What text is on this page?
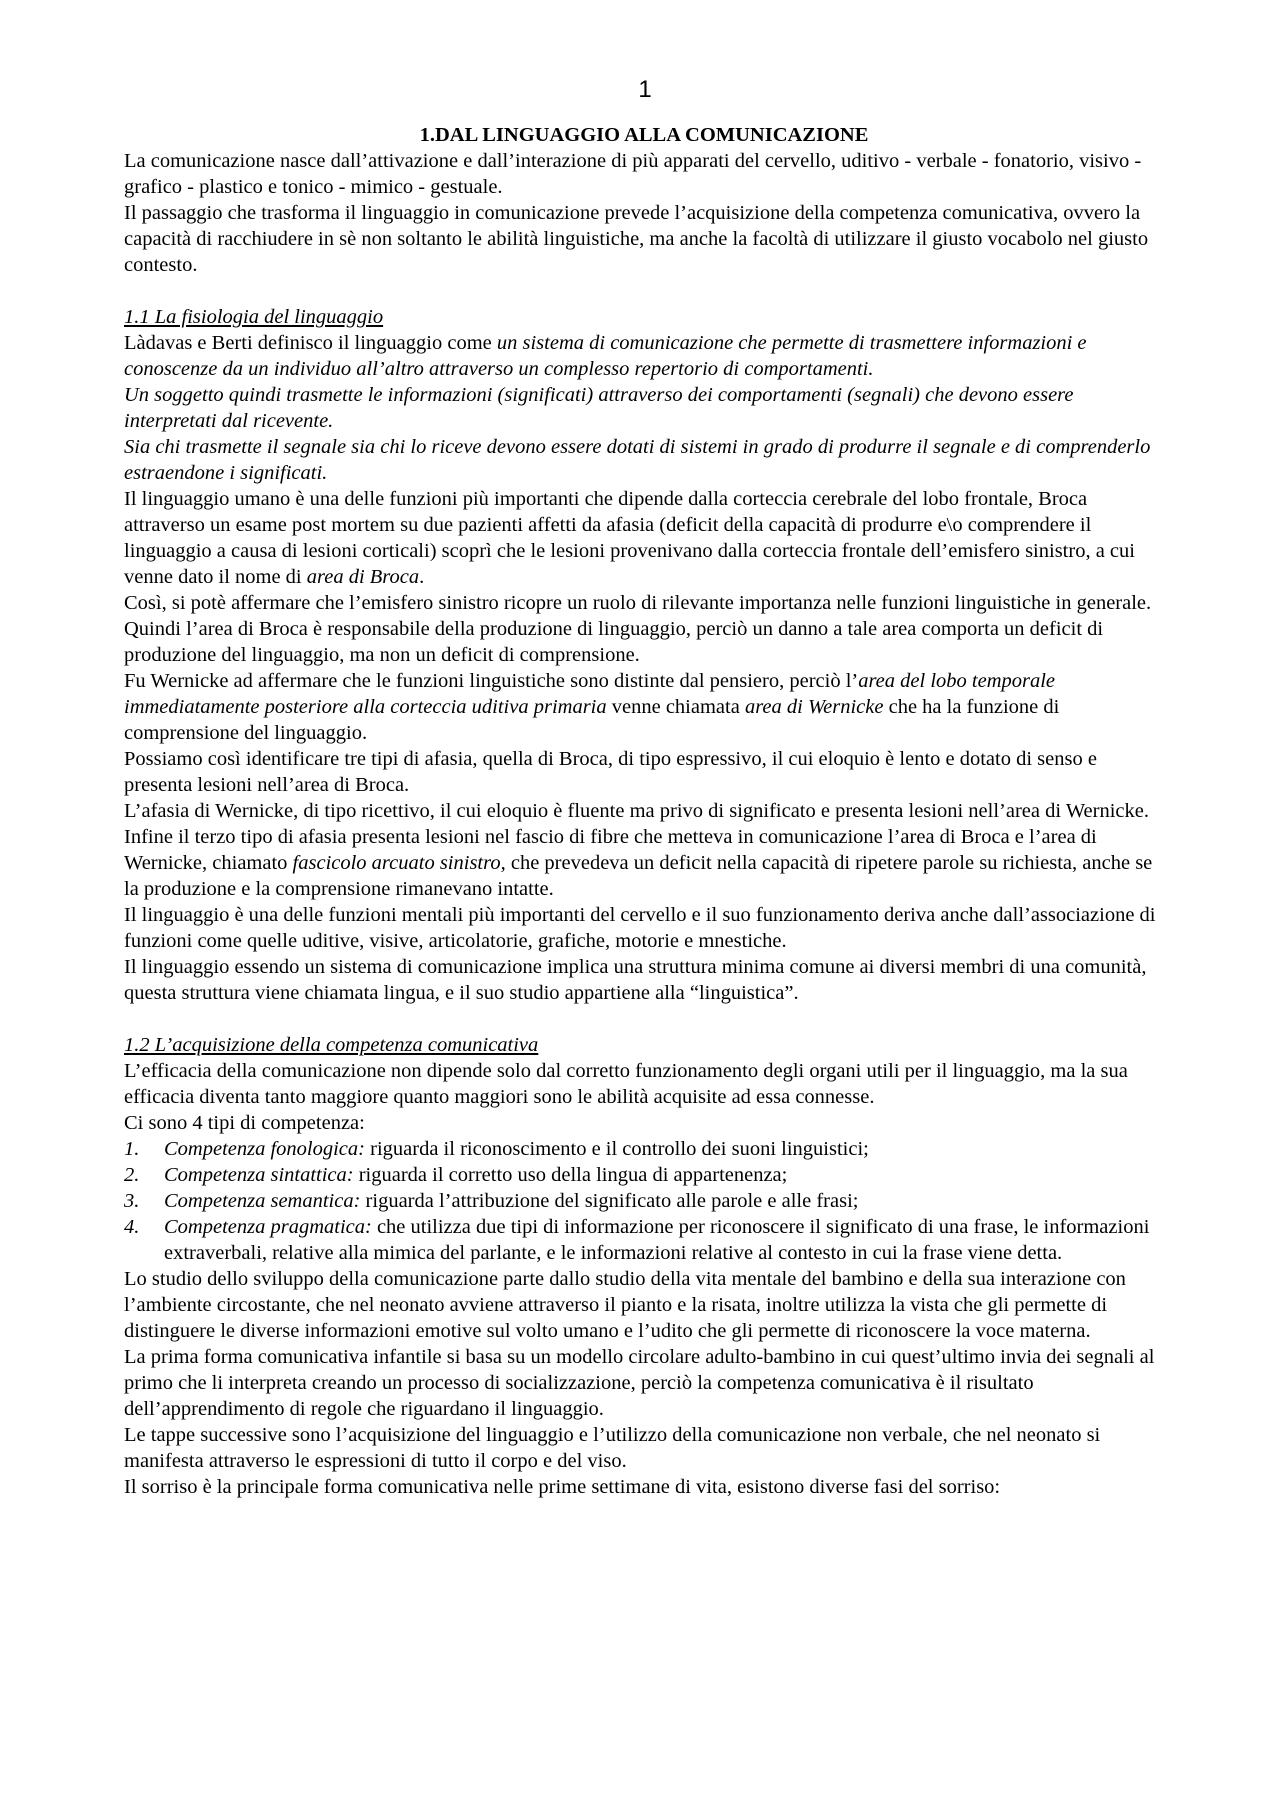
1
1.DAL LINGUAGGIO ALLA COMUNICAZIONE

La comunicazione nasce dall’attivazione e dall’interazione di più apparati del cervello, uditivo - verbale - fonatorio, visivo - grafico - plastico e tonico - mimico - gestuale.

Il passaggio che trasforma il linguaggio in comunicazione prevede l’acquisizione della competenza comunicativa, ovvero la capacità di racchiudere in sè non soltanto le abilità linguistiche, ma anche la facoltà di utilizzare il giusto vocabolo nel giusto contesto.

1.1 La fisiologia del linguaggio

Làdavas e Berti definisco il linguaggio come un sistema di comunicazione che permette di trasmettere informazioni e conoscenze da un individuo all’altro attraverso un complesso repertorio di comportamenti.

Un soggetto quindi trasmette le informazioni (significati) attraverso dei comportamenti (segnali) che devono essere interpretati dal ricevente.

Sia chi trasmette il segnale sia chi lo riceve devono essere dotati di sistemi in grado di produrre il segnale e di comprenderlo estraendone i significati.

Il linguaggio umano è una delle funzioni più importanti che dipende dalla corteccia cerebrale del lobo frontale, Broca attraverso un esame post mortem su due pazienti affetti da afasia (deficit della capacità di produrre e\o comprendere il linguaggio a causa di lesioni corticali) scoprì che le lesioni provenivano dalla corteccia frontale dell’emisfero sinistro, a cui venne dato il nome di area di Broca.

Così, si potè affermare che l’emisfero sinistro ricopre un ruolo di rilevante importanza nelle funzioni linguistiche in generale.

Quindi l’area di Broca è responsabile della produzione di linguaggio, perciò un danno a tale area comporta un deficit di produzione del linguaggio, ma non un deficit di comprensione.

Fu Wernicke ad affermare che le funzioni linguistiche sono distinte dal pensiero, perciò l’area del lobo temporale immediatamente posteriore alla corteccia uditiva primaria venne chiamata area di Wernicke che ha la funzione di comprensione del linguaggio.

Possiamo così identificare tre tipi di afasia, quella di Broca, di tipo espressivo, il cui eloquio è lento e dotato di senso e presenta lesioni nell’area di Broca.

L’afasia di Wernicke, di tipo ricettivo, il cui eloquio è fluente ma privo di significato e presenta lesioni nell’area di Wernicke.

Infine il terzo tipo di afasia presenta lesioni nel fascio di fibre che metteva in comunicazione l’area di Broca e l’area di Wernicke, chiamato fascicolo arcuato sinistro, che prevedeva un deficit nella capacità di ripetere parole su richiesta, anche se la produzione e la comprensione rimanevano intatte.

Il linguaggio è una delle funzioni mentali più importanti del cervello e il suo funzionamento deriva anche dall’associazione di funzioni come quelle uditive, visive, articolatorie, grafiche, motorie e mnestiche.

Il linguaggio essendo un sistema di comunicazione implica una struttura minima comune ai diversi membri di una comunità, questa struttura viene chiamata lingua, e il suo studio appartiene alla “linguistica”.

1.2 L’acquisizione della competenza comunicativa

L’efficacia della comunicazione non dipende solo dal corretto funzionamento degli organi utili per il linguaggio, ma la sua efficacia diventa tanto maggiore quanto maggiori sono le abilità acquisite ad essa connesse.

Ci sono 4 tipi di competenza:

1. Competenza fonologica: riguarda il riconoscimento e il controllo dei suoni linguistici;
2. Competenza sintattica: riguarda il corretto uso della lingua di appartenenza;
3. Competenza semantica: riguarda l’attribuzione del significato alle parole e alle frasi;
4. Competenza pragmatica: che utilizza due tipi di informazione per riconoscere il significato di una frase, le informazioni extraverbali, relative alla mimica del parlante, e le informazioni relative al contesto in cui la frase viene detta.

Lo studio dello sviluppo della comunicazione parte dallo studio della vita mentale del bambino e della sua interazione con l’ambiente circostante, che nel neonato avviene attraverso il pianto e la risata, inoltre utilizza la vista che gli permette di distinguere le diverse informazioni emotive sul volto umano e l’udito che gli permette di riconoscere la voce materna.

La prima forma comunicativa infantile si basa su un modello circolare adulto-bambino in cui quest’ultimo invia dei segnali al primo che li interpreta creando un processo di socializzazione, perciò la competenza comunicativa è il risultato dell’apprendimento di regole che riguardano il linguaggio.

Le tappe successive sono l’acquisizione del linguaggio e l’utilizzo della comunicazione non verbale, che nel neonato si manifesta attraverso le espressioni di tutto il corpo e del viso.

Il sorriso è la principale forma comunicativa nelle prime settimane di vita, esistono diverse fasi del sorriso:
